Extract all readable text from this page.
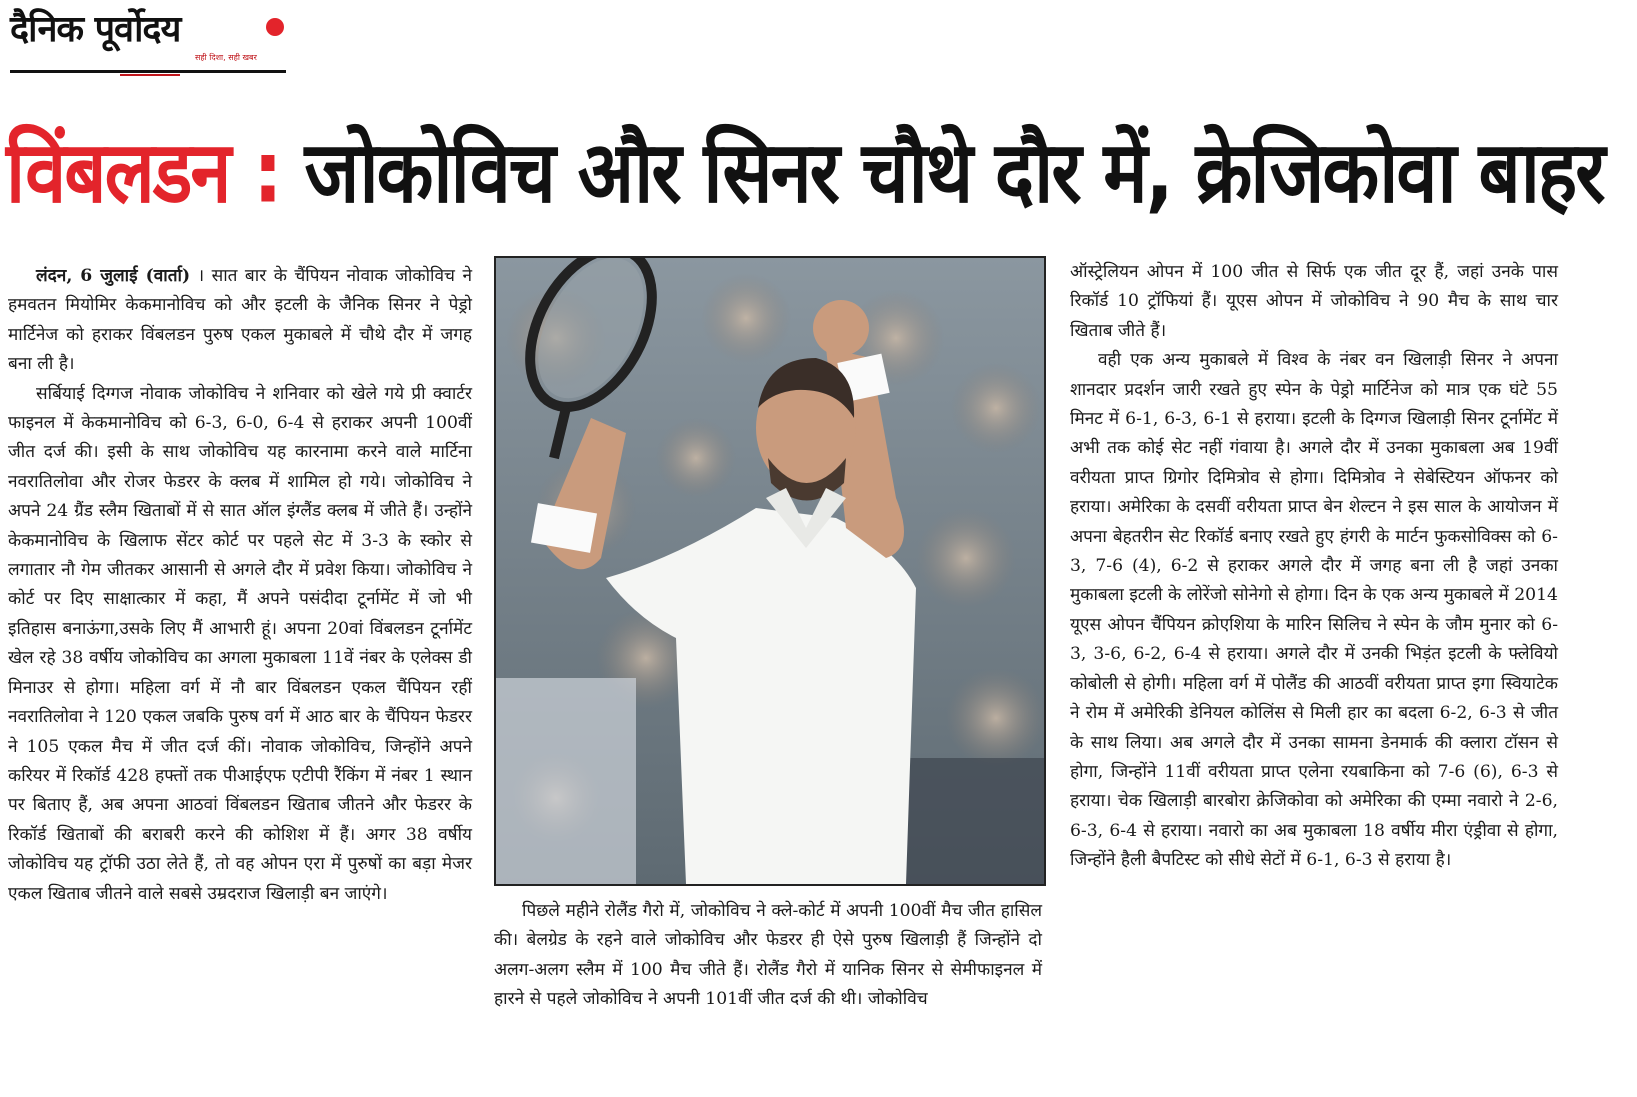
दैनिक पूर्वोदय
सही दिशा, सही खबर
विंबलडन : जोकोविच और सिनर चौथे दौर में, क्रेजिकोवा बाहर

लंदन, 6 जुलाई (वार्ता) । सात बार के चैंपियन नोवाक जोकोविच ने हमवतन मियोमिर केकमानोविच को और इटली के जैनिक सिनर ने पेड्रो मार्टिनेज को हराकर विंबलडन पुरुष एकल मुकाबले में चौथे दौर में जगह बना ली है।

सर्बियाई दिग्गज नोवाक जोकोविच ने शनिवार को खेले गये प्री क्वार्टर फाइनल में केकमानोविच को 6-3, 6-0, 6-4 से हराकर अपनी 100वीं जीत दर्ज की। इसी के साथ जोकोविच यह कारनामा करने वाले मार्टिना नवरातिलोवा और रोजर फेडरर के क्लब में शामिल हो गये। जोकोविच ने अपने 24 ग्रैंड स्लैम खिताबों में से सात ऑल इंग्लैंड क्लब में जीते हैं। उन्होंने केकमानोविच के खिलाफ सेंटर कोर्ट पर पहले सेट में 3-3 के स्कोर से लगातार नौ गेम जीतकर आसानी से अगले दौर में प्रवेश किया। जोकोविच ने कोर्ट पर दिए साक्षात्कार में कहा, मैं अपने पसंदीदा टूर्नामेंट में जो भी इतिहास बनाऊंगा,उसके लिए मैं आभारी हूं। अपना 20वां विंबलडन टूर्नामेंट खेल रहे 38 वर्षीय जोकोविच का अगला मुकाबला 11वें नंबर के एलेक्स डी मिनाउर से होगा। महिला वर्ग में नौ बार विंबलडन एकल चैंपियन रहीं नवरातिलोवा ने 120 एकल जबकि पुरुष वर्ग में आठ बार के चैंपियन फेडरर ने 105 एकल मैच में जीत दर्ज कीं। नोवाक जोकोविच, जिन्होंने अपने करियर में रिकॉर्ड 428 हफ्तों तक पीआईएफ एटीपी रैंकिंग में नंबर 1 स्थान पर बिताए हैं, अब अपना आठवां विंबलडन खिताब जीतने और फेडरर के रिकॉर्ड खिताबों की बराबरी करने की कोशिश में हैं। अगर 38 वर्षीय जोकोविच यह ट्रॉफी उठा लेते हैं, तो वह ओपन एरा में पुरुषों का बड़ा मेजर एकल खिताब जीतने वाले सबसे उम्रदराज खिलाड़ी बन जाएंगे।

पिछले महीने रोलैंड गैरो में, जोकोविच ने क्ले-कोर्ट में अपनी 100वीं मैच जीत हासिल की। बेलग्रेड के रहने वाले जोकोविच और फेडरर ही ऐसे पुरुष खिलाड़ी हैं जिन्होंने दो अलग-अलग स्लैम में 100 मैच जीते हैं। रोलैंड गैरो में यानिक सिनर से सेमीफाइनल में हारने से पहले जोकोविच ने अपनी 101वीं जीत दर्ज की थी। जोकोविच

ऑस्ट्रेलियन ओपन में 100 जीत से सिर्फ एक जीत दूर हैं, जहां उनके पास रिकॉर्ड 10 ट्रॉफियां हैं। यूएस ओपन में जोकोविच ने 90 मैच के साथ चार खिताब जीते हैं।

वही एक अन्य मुकाबले में विश्व के नंबर वन खिलाड़ी सिनर ने अपना शानदार प्रदर्शन जारी रखते हुए स्पेन के पेड्रो मार्टिनेज को मात्र एक घंटे 55 मिनट में 6-1, 6-3, 6-1 से हराया। इटली के दिग्गज खिलाड़ी सिनर टूर्नामेंट में अभी तक कोई सेट नहीं गंवाया है। अगले दौर में उनका मुकाबला अब 19वीं वरीयता प्राप्त ग्रिगोर दिमित्रोव से होगा। दिमित्रोव ने सेबेस्टियन ऑफनर को हराया। अमेरिका के दसवीं वरीयता प्राप्त बेन शेल्टन ने इस साल के आयोजन में अपना बेहतरीन सेट रिकॉर्ड बनाए रखते हुए हंगरी के मार्टन फुकसोविक्स को 6-3, 7-6 (4), 6-2 से हराकर अगले दौर में जगह बना ली है जहां उनका मुकाबला इटली के लोरेंजो सोनेगो से होगा। दिन के एक अन्य मुकाबले में 2014 यूएस ओपन चैंपियन क्रोएशिया के मारिन सिलिच ने स्पेन के जौम मुनार को 6-3, 3-6, 6-2, 6-4 से हराया। अगले दौर में उनकी भिड़ंत इटली के फ्लेवियो कोबोली से होगी। महिला वर्ग में पोलैंड की आठवीं वरीयता प्राप्त इगा स्वियाटेक ने रोम में अमेरिकी डेनियल कोलिंस से मिली हार का बदला 6-2, 6-3 से जीत के साथ लिया। अब अगले दौर में उनका सामना डेनमार्क की क्लारा टॉसन से होगा, जिन्होंने 11वीं वरीयता प्राप्त एलेना रयबाकिना को 7-6 (6), 6-3 से हराया। चेक खिलाड़ी बारबोरा क्रेजिकोवा को अमेरिका की एम्मा नवारो ने 2-6, 6-3, 6-4 से हराया। नवारो का अब मुकाबला 18 वर्षीय मीरा एंड्रीवा से होगा, जिन्होंने हैली बैपटिस्ट को सीधे सेटों में 6-1, 6-3 से हराया है।
